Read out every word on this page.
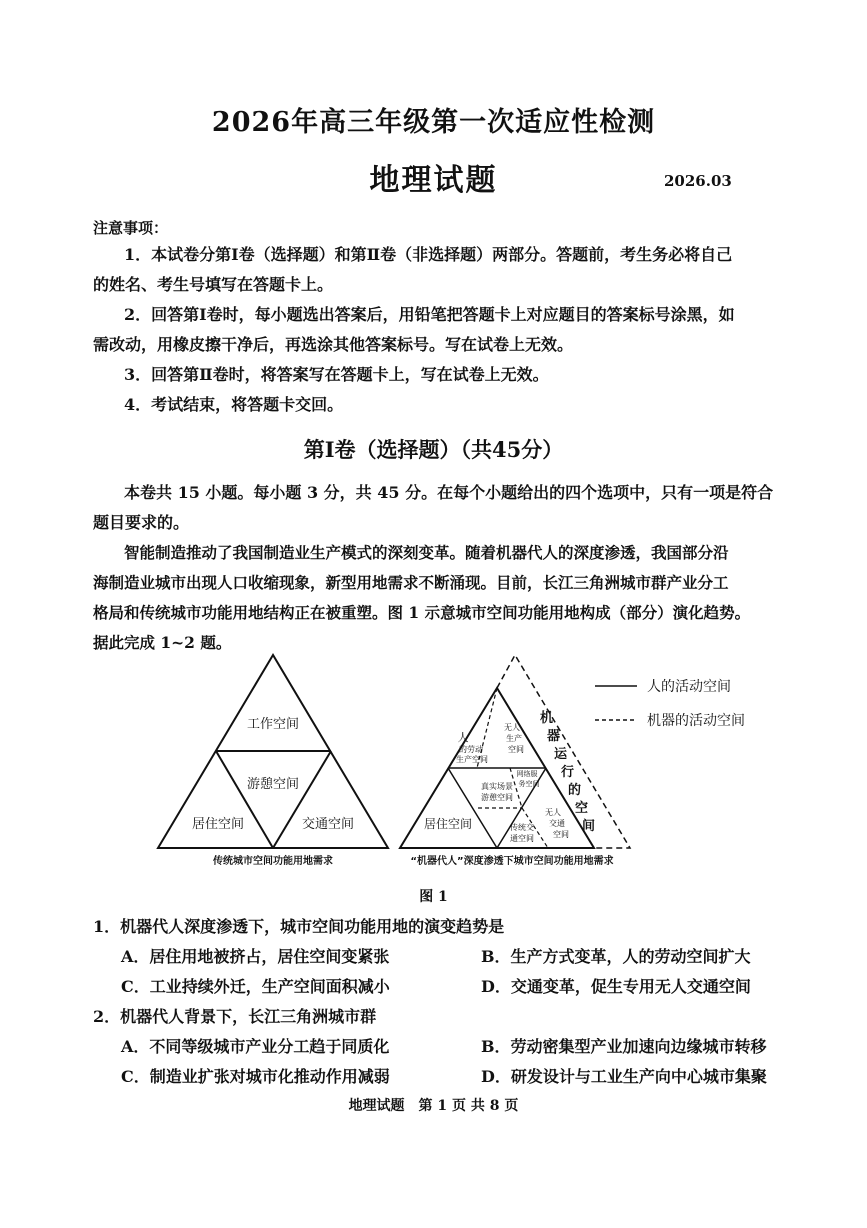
2026年高三年级第一次适应性检测
地理试题	2026.03
注意事项：
1．本试卷分第Ⅰ卷（选择题）和第Ⅱ卷（非选择题）两部分。答题前，考生务必将自己
的姓名、考生号填写在答题卡上。
2．回答第Ⅰ卷时，每小题选出答案后，用铅笔把答题卡上对应题目的答案标号涂黑，如
需改动，用橡皮擦干净后，再选涂其他答案标号。写在试卷上无效。
3．回答第Ⅱ卷时，将答案写在答题卡上，写在试卷上无效。
4．考试结束，将答题卡交回。
第Ⅰ卷（选择题）（共45分）
本卷共 15 小题。每小题 3 分，共 45 分。在每个小题给出的四个选项中，只有一项是符合
题目要求的。
智能制造推动了我国制造业生产模式的深刻变革。随着机器代人的深度渗透，我国部分沿
海制造业城市出现人口收缩现象，新型用地需求不断涌现。目前，长江三角洲城市群产业分工
格局和传统城市功能用地结构正在被重塑。图 1 示意城市空间功能用地构成（部分）演化趋势。
据此完成 1~2 题。
工作空间
游憩空间
居住空间	交通空间
传统城市空间功能用地需求
人
的劳动
生产空间
无人
生产
空间
机
器
运
行
的
空
间
网络服
务空间
真实场景
游憩空间
居住空间	传统交
通空间
无人
交通
空间
“机器代人”深度渗透下城市空间功能用地需求
人的活动空间
机器的活动空间
图 1
1．机器代人深度渗透下，城市空间功能用地的演变趋势是
A．居住用地被挤占，居住空间变紧张	B．生产方式变革，人的劳动空间扩大
C．工业持续外迁，生产空间面积减小	D．交通变革，促生专用无人交通空间
2．机器代人背景下，长江三角洲城市群
A．不同等级城市产业分工趋于同质化	B．劳动密集型产业加速向边缘城市转移
C．制造业扩张对城市化推动作用减弱	D．研发设计与工业生产向中心城市集聚
地理试题　第 1 页 共 8 页
